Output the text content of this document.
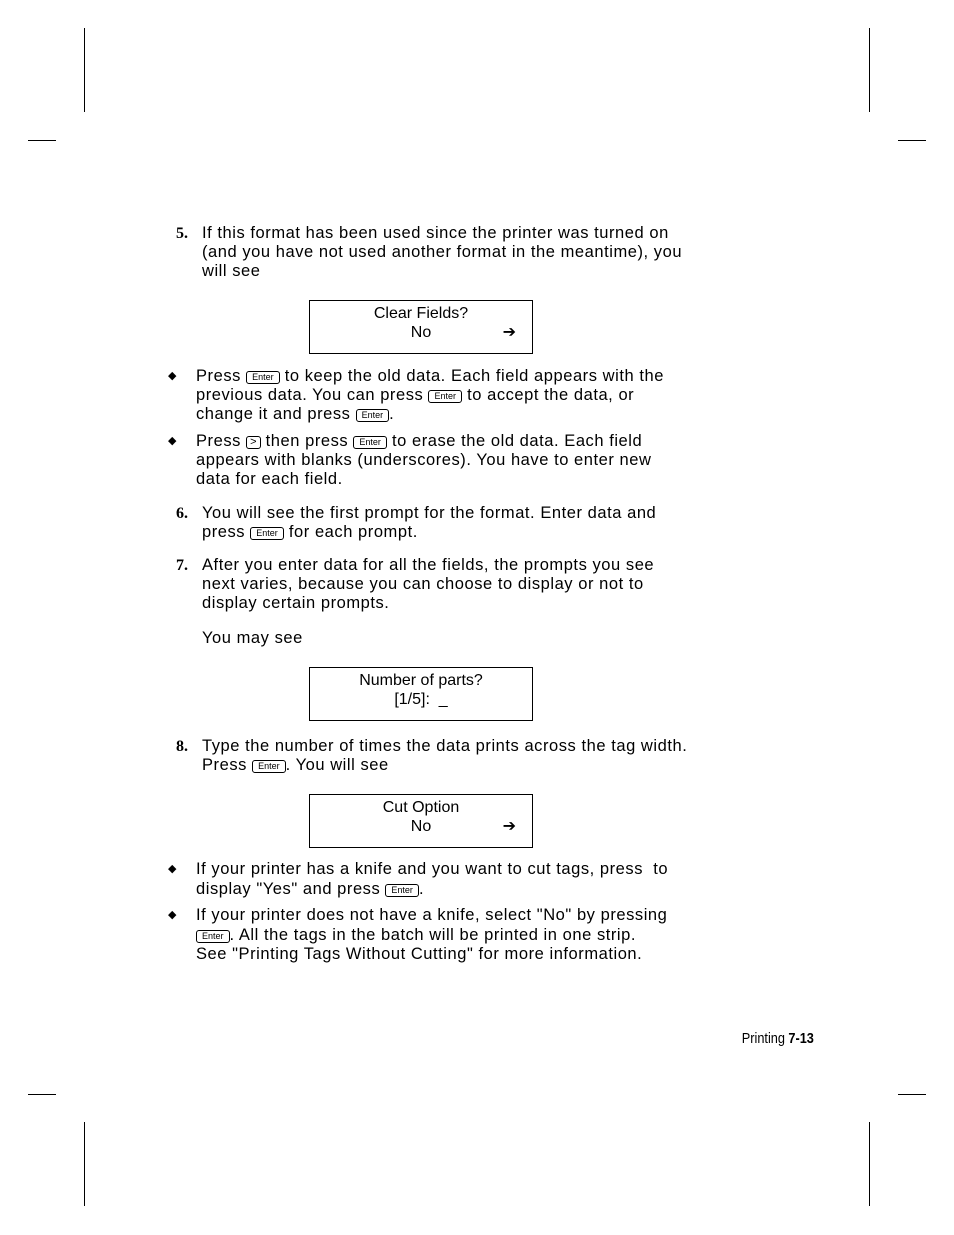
5. If this format has been used since the printer was turned on
(and you have not used another format in the meantime), you
will see
Clear Fields?
No	➔
◆ Press Enter to keep the old data. Each field appears with the
previous data. You can press Enter to accept the data, or
change it and press Enter .
◆ Press > then press Enter to erase the old data. Each field
appears with blanks (underscores). You have to enter new
data for each field.
6. You will see the first prompt for the format. Enter data and
press Enter for each prompt.
7. After you enter data for all the fields, the prompts you see
next varies, because you can choose to display or not to
display certain prompts.
You may see
Number of parts?
[1/5]:  _
8. Type the number of times the data prints across the tag width.
Press Enter . You will see
Cut Option
No	➔
◆ If your printer has a knife and you want to cut tags, press  to
display "Yes" and press Enter .
◆ If your printer does not have a knife, select "No" by pressing
Enter . All the tags in the batch will be printed in one strip.
See "Printing Tags Without Cutting" for more information.
Printing 7-13
